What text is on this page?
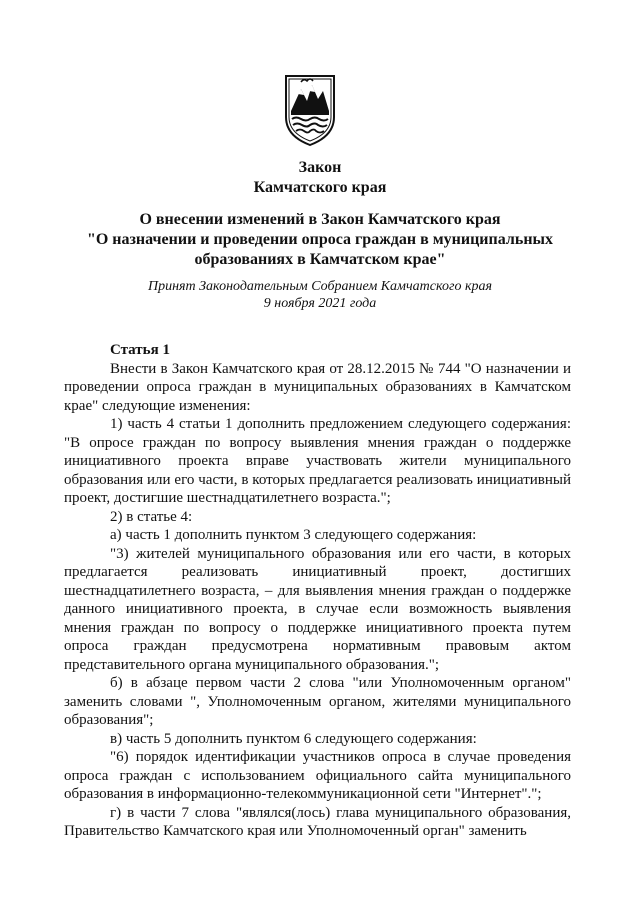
Закон
Камчатского края
О внесении изменений в Закон Камчатского края
"О назначении и проведении опроса граждан в муниципальных
образованиях в Камчатском крае"
Принят Законодательным Собранием Камчатского края
9 ноября 2021 года
Статья 1
Внести в Закон Камчатского края от 28.12.2015 № 744 "О назначении и проведении опроса граждан в муниципальных образованиях в Камчатском крае" следующие изменения:
1) часть 4 статьи 1 дополнить предложением следующего содержания: "В опросе граждан по вопросу выявления мнения граждан о поддержке инициативного проекта вправе участвовать жители муниципального образования или его части, в которых предлагается реализовать инициативный проект, достигшие шестнадцатилетнего возраста.";
2) в статье 4:
а) часть 1 дополнить пунктом 3 следующего содержания:
"3) жителей муниципального образования или его части, в которых предлагается реализовать инициативный проект, достигших шестнадцатилетнего возраста, – для выявления мнения граждан о поддержке данного инициативного проекта, в случае если возможность выявления мнения граждан по вопросу о поддержке инициативного проекта путем опроса граждан предусмотрена нормативным правовым актом представительного органа муниципального образования.";
б) в абзаце первом части 2 слова "или Уполномоченным органом" заменить словами ", Уполномоченным органом, жителями муниципального образования";
в) часть 5 дополнить пунктом 6 следующего содержания:
"6) порядок идентификации участников опроса в случае проведения опроса граждан с использованием официального сайта муниципального образования в информационно-телекоммуникационной сети "Интернет".";
г) в части 7 слова "являлся(лось) глава муниципального образования, Правительство Камчатского края или Уполномоченный орган" заменить
